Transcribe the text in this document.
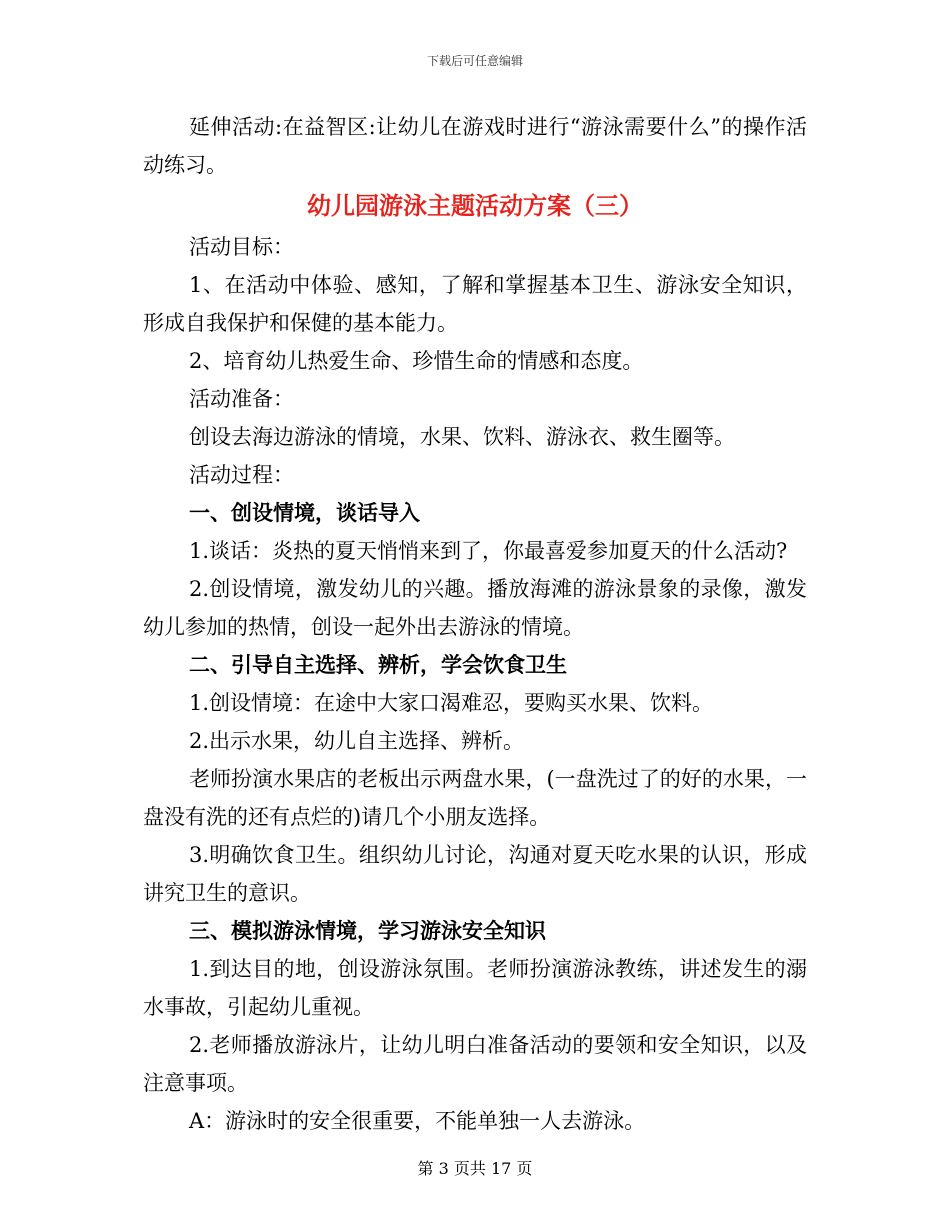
下载后可任意编辑

延伸活动:在益智区:让幼儿在游戏时进行“游泳需要什么”的操作活动练习。

幼儿园游泳主题活动方案（三）

活动目标：

1、在活动中体验、感知，了解和掌握基本卫生、游泳安全知识，形成自我保护和保健的基本能力。

2、培育幼儿热爱生命、珍惜生命的情感和态度。

活动准备：

创设去海边游泳的情境，水果、饮料、游泳衣、救生圈等。

活动过程：

一、创设情境，谈话导入

1.谈话：炎热的夏天悄悄来到了，你最喜爱参加夏天的什么活动?

2.创设情境，激发幼儿的兴趣。播放海滩的游泳景象的录像，激发幼儿参加的热情，创设一起外出去游泳的情境。

二、引导自主选择、辨析，学会饮食卫生

1.创设情境：在途中大家口渴难忍，要购买水果、饮料。

2.出示水果，幼儿自主选择、辨析。

老师扮演水果店的老板出示两盘水果，(一盘洗过了的好的水果，一盘没有洗的还有点烂的)请几个小朋友选择。

3.明确饮食卫生。组织幼儿讨论，沟通对夏天吃水果的认识，形成讲究卫生的意识。

三、模拟游泳情境，学习游泳安全知识

1.到达目的地，创设游泳氛围。老师扮演游泳教练，讲述发生的溺水事故，引起幼儿重视。

2.老师播放游泳片，让幼儿明白准备活动的要领和安全知识，以及注意事项。

A：游泳时的安全很重要，不能单独一人去游泳。

第 3 页共 17 页
